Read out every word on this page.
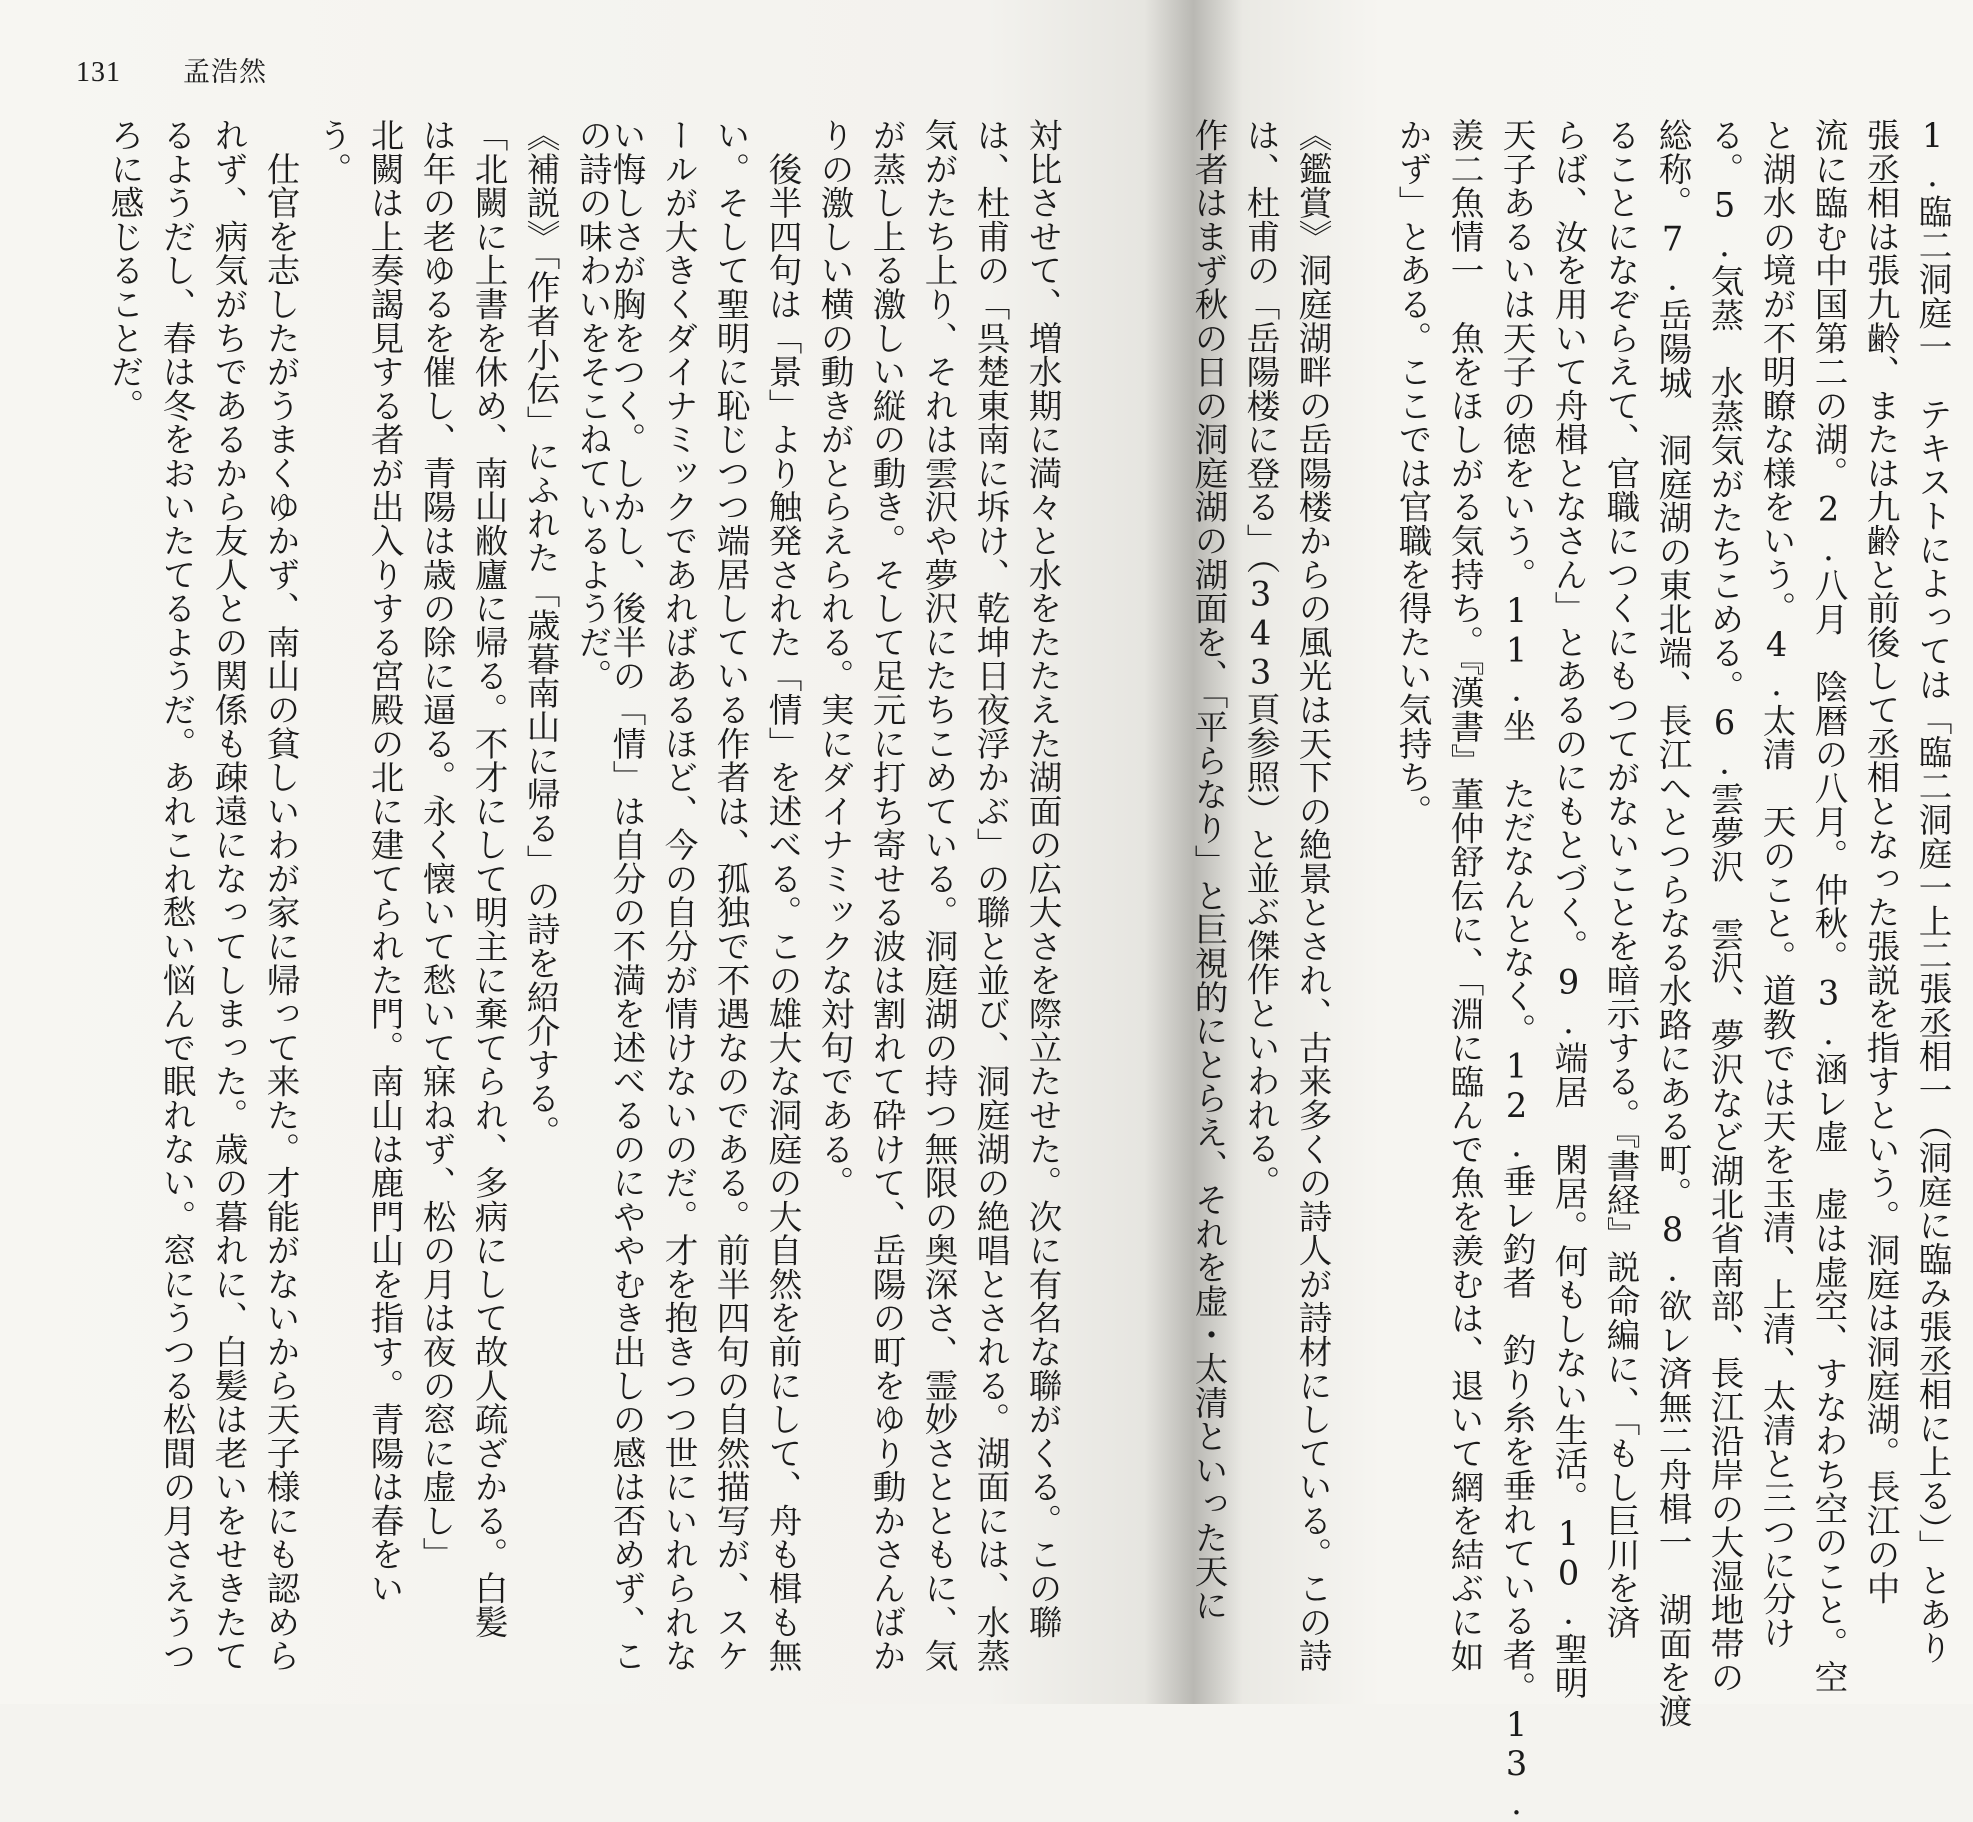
131 孟浩然
《補説》「作者小伝」にふれた「歳暮南山に帰る」の詩を紹介する。
「北闕に上書を休め、南山敝廬に帰る。不才にして明主に棄てられ、多病にして故人疏ざかる。白髪
は年の老ゆるを催し、青陽は歳の除に逼る。永く懐いて愁いて寐ねず、松の月は夜の窓に虚し」
北闕は上奏謁見する者が出入りする宮殿の北に建てられた門。南山は鹿門山を指す。青陽は春をい
う。
　仕官を志したがうまくゆかず、南山の貧しいわが家に帰って来た。才能がないから天子様にも認めら
れず、病気がちであるから友人との関係も疎遠になってしまった。歳の暮れに、白髪は老いをせきたて
るようだし、春は冬をおいたてるようだ。あれこれ愁い悩んで眠れない。窓にうつる松間の月さえうつ
ろに感じることだ。	対比させて、増水期に満々と水をたたえた湖面の広大さを際立たせた。次に有名な聯がくる。この聯
は、杜甫の「呉楚東南に坼け、乾坤日夜浮かぶ」の聯と並び、洞庭湖の絶唱とされる。湖面には、水蒸
気がたち上り、それは雲沢や夢沢にたちこめている。洞庭湖の持つ無限の奥深さ、霊妙さとともに、気
が蒸し上る激しい縦の動き。そして足元に打ち寄せる波は割れて砕けて、岳陽の町をゆり動かさんばか
りの激しい横の動きがとらえられる。実にダイナミックな対句である。
　後半四句は「景」より触発された「情」を述べる。この雄大な洞庭の大自然を前にして、舟も楫も無
い。そして聖明に恥じつつ端居している作者は、孤独で不遇なのである。前半四句の自然描写が、スケ
ールが大きくダイナミックであればあるほど、今の自分が情けないのだ。才を抱きつつ世にいれられな
い悔しさが胸をつく。しかし、後半の「情」は自分の不満を述べるのにややむき出しの感は否めず、こ
の詩の味わいをそこねているようだ。	1.臨二洞庭一　テキストによっては「臨二洞庭一上二張丞相一（洞庭に臨み張丞相に上る）」とあり
張丞相は張九齢、または九齢と前後して丞相となった張説を指すという。洞庭は洞庭湖。長江の中
流に臨む中国第二の湖。2.八月　陰暦の八月。仲秋。3.涵レ虚　虚は虚空、すなわち空のこと。空
と湖水の境が不明瞭な様をいう。4.太清　天のこと。道教では天を玉清、上清、太清と三つに分け
る。5.気蒸　水蒸気がたちこめる。6.雲夢沢　雲沢、夢沢など湖北省南部、長江沿岸の大湿地帯の
総称。7.岳陽城　洞庭湖の東北端、長江へとつらなる水路にある町。8.欲レ済無二舟楫一　湖面を渡
ることになぞらえて、官職につくにもつてがないことを暗示する。『書経』説命編に、「もし巨川を済
らば、汝を用いて舟楫となさん」とあるのにもとづく。9.端居　閑居。何もしない生活。10.聖明
天子あるいは天子の徳をいう。11.坐　ただなんとなく。12.垂レ釣者　釣り糸を垂れている者。13.
羨二魚情一　魚をほしがる気持ち。『漢書』董仲舒伝に、「淵に臨んで魚を羨むは、退いて網を結ぶに如
かず」とある。ここでは官職を得たい気持ち。
《鑑賞》洞庭湖畔の岳陽楼からの風光は天下の絶景とされ、古来多くの詩人が詩材にしている。この詩
は、杜甫の「岳陽楼に登る」（343頁参照）と並ぶ傑作といわれる。
作者はまず秋の日の洞庭湖の湖面を、「平らなり」と巨視的にとらえ、それを虚・太清といった天に
